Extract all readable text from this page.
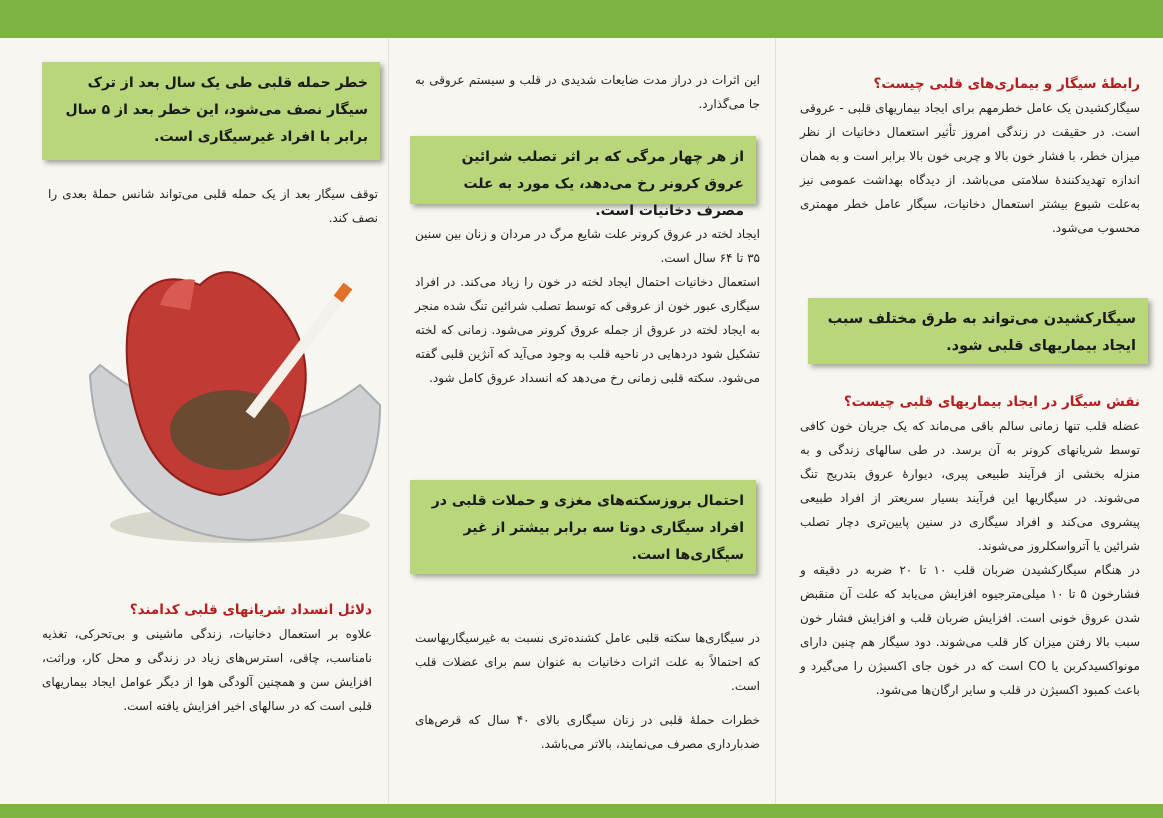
رابطۀ سیگار و بیماری‌های قلبی چیست؟

سیگارکشیدن یک عامل خطرمهم برای ایجاد بیماریهای قلبی - عروقی است. در حقیقت در زندگی امروز تأثیر استعمال دخانیات از نظر میزان خطر، با فشار خون بالا و چربی خون بالا برابر است و به همان اندازه تهدیدکنندۀ سلامتی می‌باشد. از دیدگاه بهداشت عمومی نیز به‌علت شیوع بیشتر استعمال دخانیات، سیگار عامل خطر مهمتری محسوب می‌شود.

سیگارکشیدن می‌تواند به طرق مختلف سبب ایجاد بیماریهای قلبی شود.

نقش سیگار در ایجاد بیماریهای قلبی چیست؟

عضله قلب تنها زمانی سالم باقی می‌ماند که یک جریان خون کافی توسط شریانهای کرونر به آن برسد. در طی سالهای زندگی و به منزله بخشی از فرآیند طبیعی پیری، دیوارۀ عروق بتدریج تنگ می‌شوند. در سیگاریها این فرآیند بسیار سریعتر از افراد طبیعی پیشروی می‌کند و افراد سیگاری در سنین پایین‌تری دچار تصلب شرائین یا آترواسکلروز می‌شوند.

در هنگام سیگارکشیدن ضربان قلب ۱۰ تا ۲۰ ضربه در دقیقه و فشارخون ۵ تا ۱۰ میلی‌مترجیوه افزایش می‌یابد که علت آن منقبض شدن عروق خونی است. افزایش ضربان قلب و افزایش فشار خون سبب بالا رفتن میزان کار قلب می‌شوند. دود سیگار هم چنین دارای مونواکسیدکربن یا CO است که در خون جای اکسیژن را می‌گیرد و باعث کمبود اکسیژن در قلب و سایر ارگان‌ها می‌شود.

این اثرات در دراز مدت ضایعات شدیدی در قلب و سیستم عروقی به جا می‌گذارد.

از هر چهار مرگی که بر اثر تصلب شرائین عروق کرونر رخ می‌دهد، یک مورد به علت مصرف دخانیات است.

ایجاد لخته در عروق کرونر علت شایع مرگ در مردان و زنان بین سنین ۳۵ تا ۶۴ سال است.

استعمال دخانیات احتمال ایجاد لخته در خون را زیاد می‌کند. در افراد سیگاری عبور خون از عروقی که توسط تصلب شرائین تنگ شده منجر به ایجاد لخته در عروق از جمله عروق کرونر می‌شود. زمانی که لخته تشکیل شود دردهایی در ناحیه قلب به وجود می‌آید که آنژین قلبی گفته می‌شود. سکته قلبی زمانی رخ می‌دهد که انسداد عروق کامل شود.

احتمال بروزسکته‌های مغزی و حملات قلبی در افراد سیگاری دوتا سه برابر بیشتر از غیر سیگاری‌ها است.

در سیگاری‌ها سکته قلبی عامل کشنده‌تری نسبت به غیرسیگاریهاست که احتمالاً به علت اثرات دخانیات به عنوان سم برای عضلات قلب است.

خطرات حملۀ قلبی در زنان سیگاری بالای ۴۰ سال که قرص‌های ضدبارداری مصرف می‌نمایند، بالاتر می‌باشد.

خطر حمله قلبی طی یک سال بعد از ترک سیگار نصف می‌شود، این خطر بعد از ۵ سال برابر با افراد غیرسیگاری است.

توقف سیگار بعد از یک حمله قلبی می‌تواند شانس حملۀ بعدی را نصف کند.

دلائل انسداد شریانهای قلبی کدامند؟

علاوه بر استعمال دخانیات، زندگی ماشینی و بی‌تحرکی، تغذیه نامناسب، چاقی، استرس‌های زیاد در زندگی و محل کار، وراثت، افزایش سن و همچنین آلودگی هوا از دیگر عوامل ایجاد بیماریهای قلبی است که در سالهای اخیر افزایش یافته است.
